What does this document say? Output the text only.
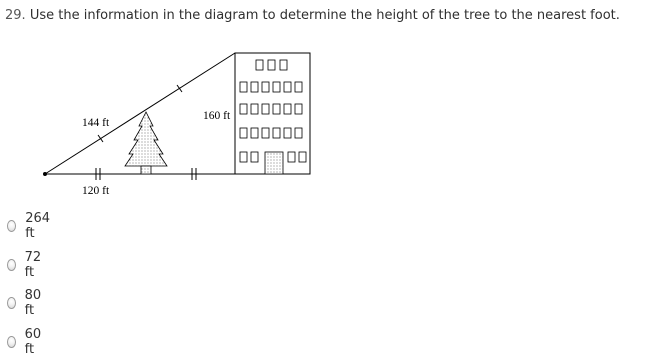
29. Use the information in the diagram to determine the height of the tree to the nearest foot.
144 ft
160 ft
120 ft
264 ft
72 ft
80 ft
60 ft
